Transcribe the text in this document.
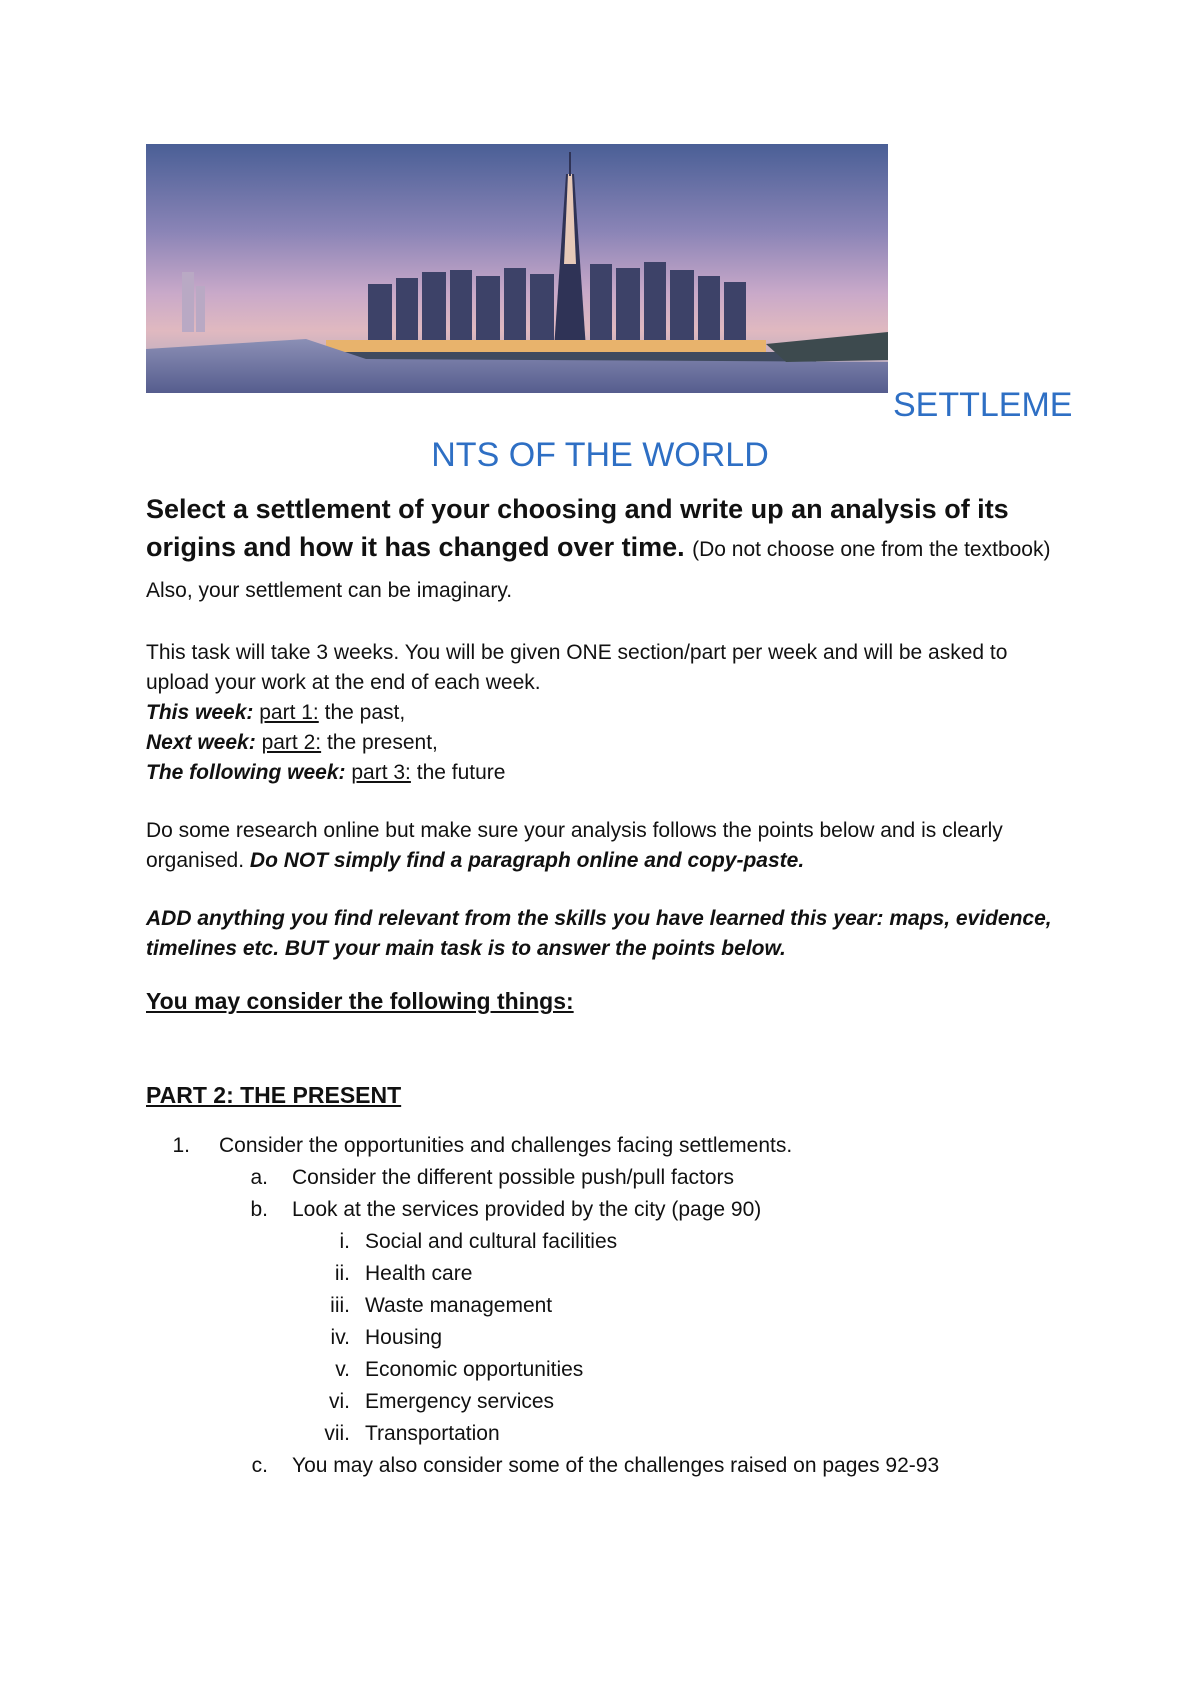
SETTLEME
NTS OF THE WORLD

Select a settlement of your choosing and write up an analysis of its origins and how it has changed over time. (Do not choose one from the textbook) Also, your settlement can be imaginary.

This task will take 3 weeks. You will be given ONE section/part per week and will be asked to upload your work at the end of each week.

This week: part 1: the past,

Next week: part 2: the present,

The following week: part 3: the future

Do some research online but make sure your analysis follows the points below and is clearly organised. Do NOT simply find a paragraph online and copy-paste.

ADD anything you find relevant from the skills you have learned this year: maps, evidence, timelines etc. BUT your main task is to answer the points below.

You may consider the following things:

PART 2: THE PRESENT

1. Consider the opportunities and challenges facing settlements.
a. Consider the different possible push/pull factors
b. Look at the services provided by the city (page 90)
i. Social and cultural facilities
ii. Health care
iii. Waste management
iv. Housing
v. Economic opportunities
vi. Emergency services
vii. Transportation
c. You may also consider some of the challenges raised on pages 92-93
